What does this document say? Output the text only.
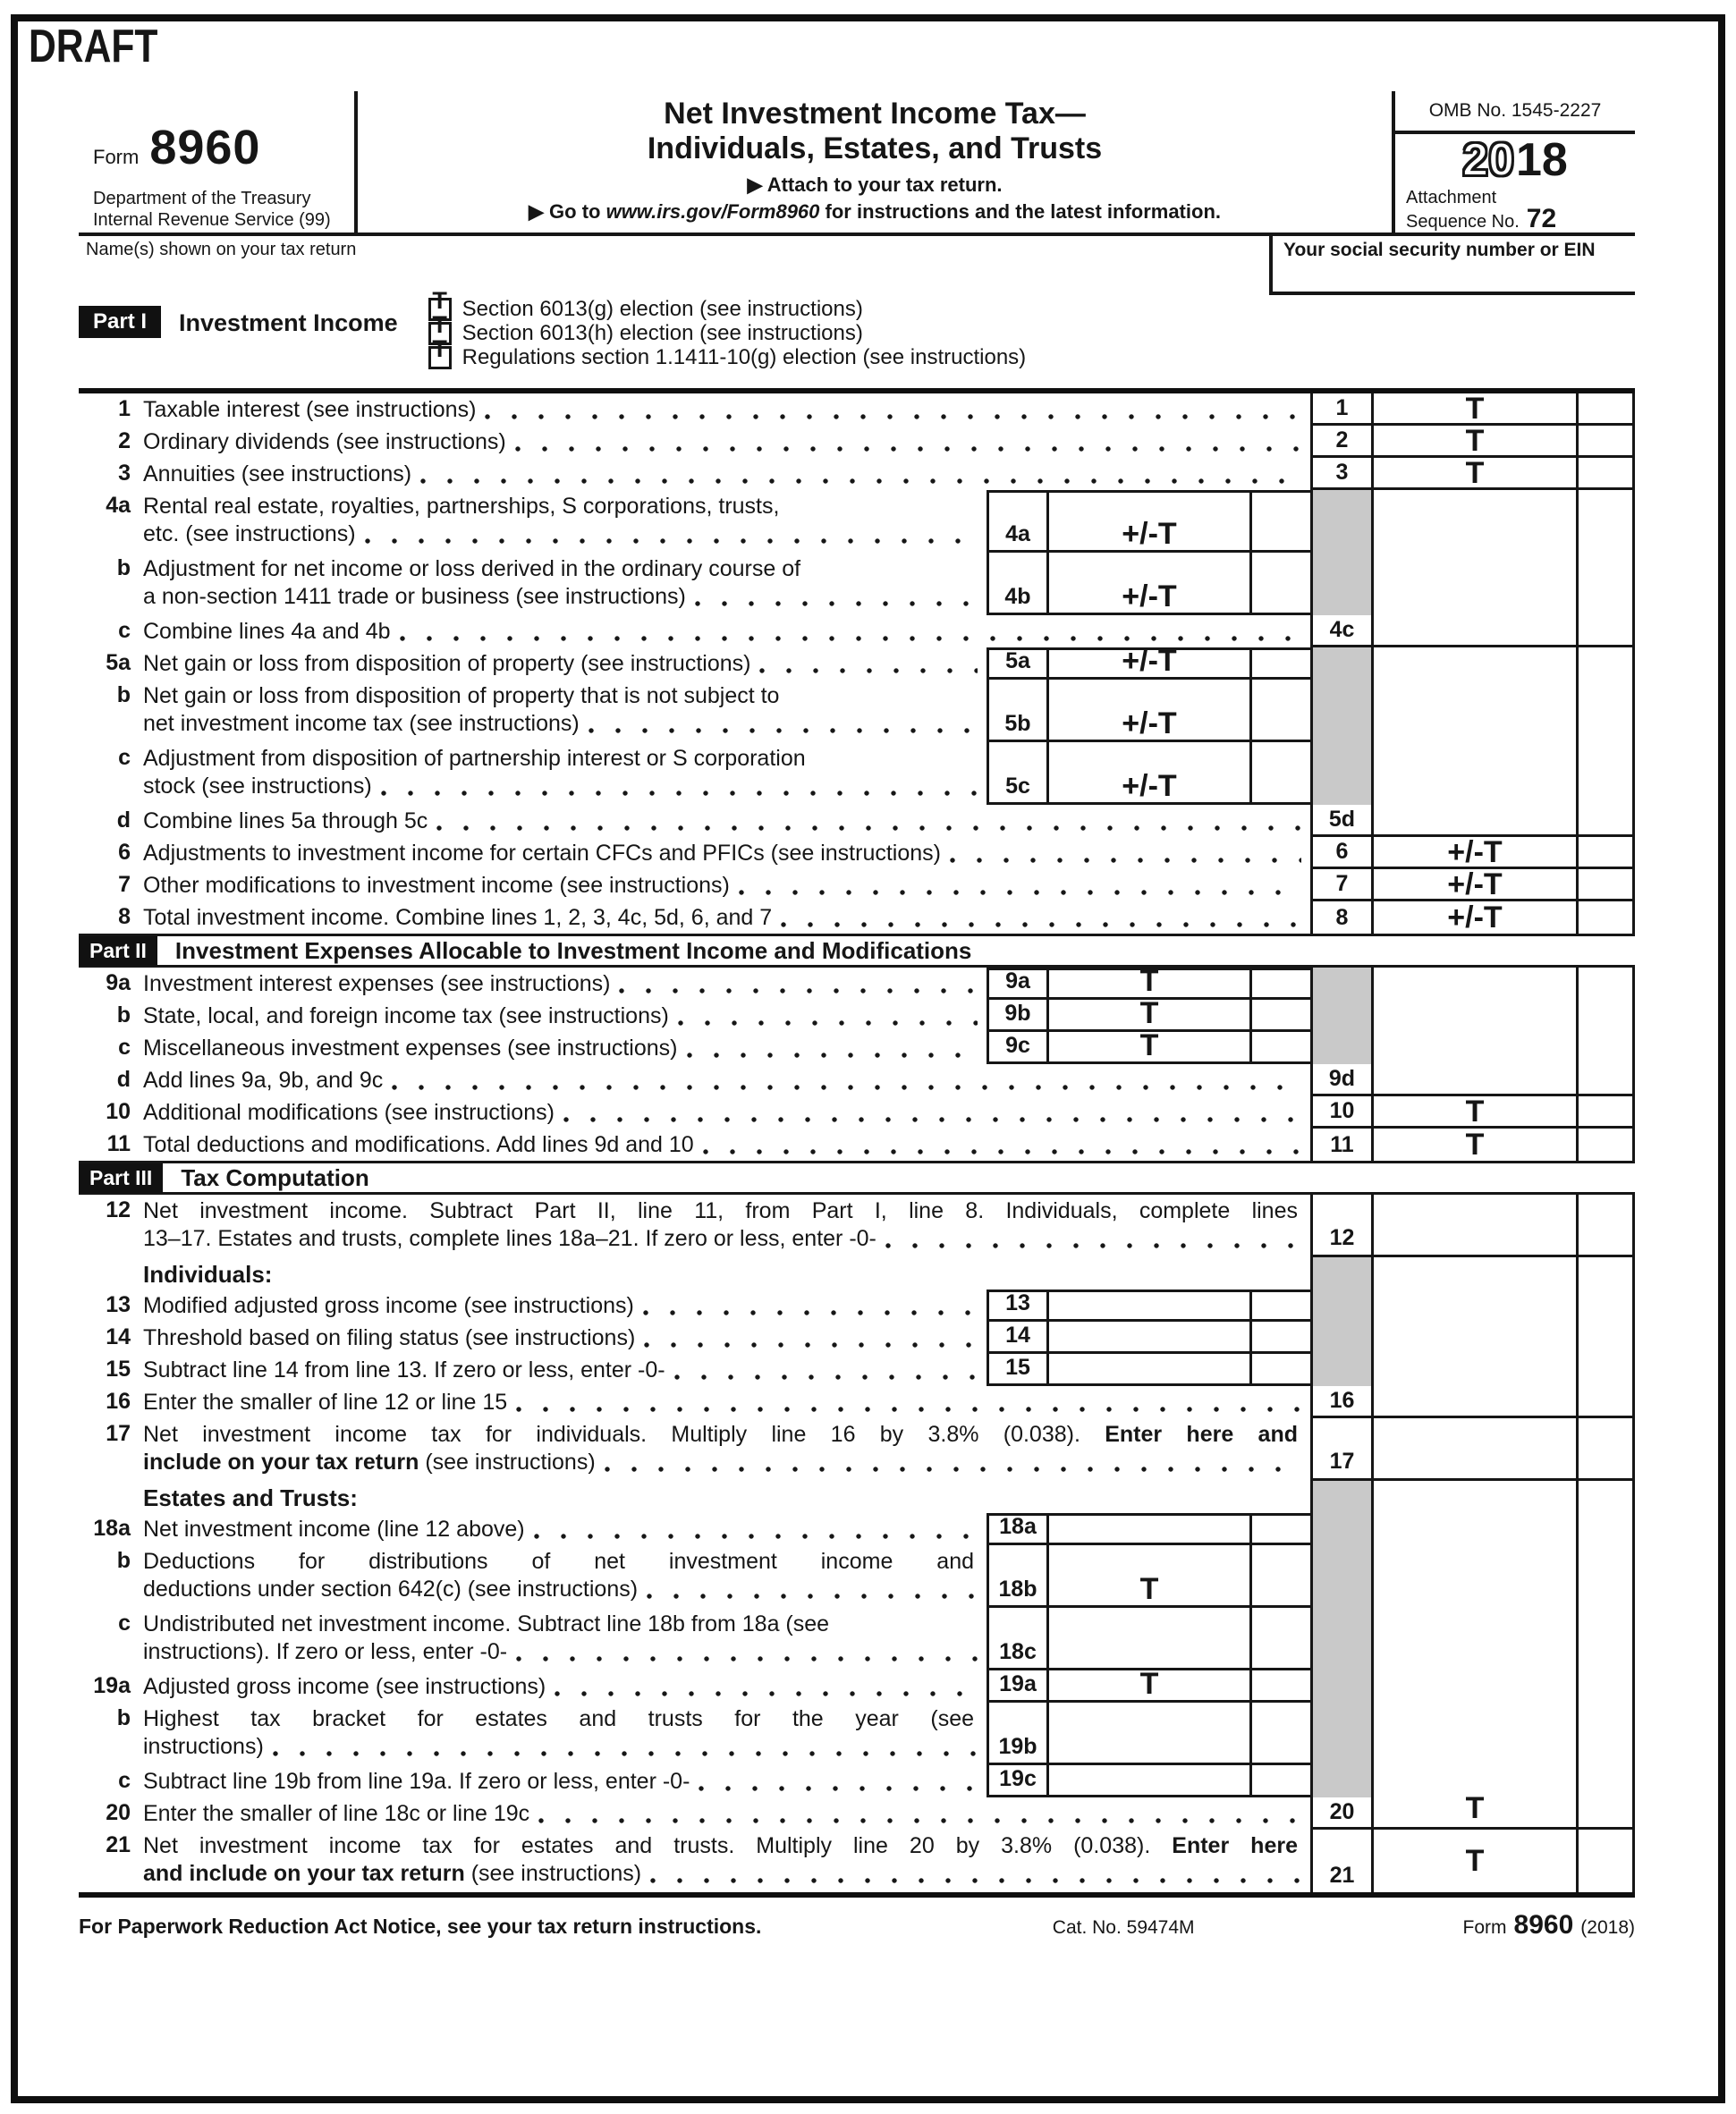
DRAFT
Form 8960
Department of the Treasury
Internal Revenue Service (99)
Net Investment Income Tax—
Individuals, Estates, and Trusts
▶ Attach to your tax return.
▶ Go to www.irs.gov/Form8960 for instructions and the latest information.
OMB No. 1545-2227
20 18
Attachment
Sequence No. 72
Name(s) shown on your tax return	Your social security number or EIN
Part I	Investment Income
T Section 6013(g) election (see instructions)
T Section 6013(h) election (see instructions)
T Regulations section 1.1411-10(g) election (see instructions)
1 Taxable interest (see instructions)	1	T
2 Ordinary dividends (see instructions)	2	T
3 Annuities (see instructions)	3	T
4a Rental real estate, royalties, partnerships, S corporations, trusts,
etc. (see instructions)	4a	+/-T
b Adjustment for net income or loss derived in the ordinary course of
a non-section 1411 trade or business (see instructions)	4b	+/-T
c Combine lines 4a and 4b	4c
5a Net gain or loss from disposition of property (see instructions)	5a	+/-T
b Net gain or loss from disposition of property that is not subject to
net investment income tax (see instructions)	5b	+/-T
c Adjustment from disposition of partnership interest or S corporation
stock (see instructions)	5c	+/-T
d Combine lines 5a through 5c	5d
6 Adjustments to investment income for certain CFCs and PFICs (see instructions)	6	+/-T
7 Other modifications to investment income (see instructions)	7	+/-T
8 Total investment income. Combine lines 1, 2, 3, 4c, 5d, 6, and 7	8	+/-T
Part II	Investment Expenses Allocable to Investment Income and Modifications
9a Investment interest expenses (see instructions)	9a	T
b State, local, and foreign income tax (see instructions)	9b	T
c Miscellaneous investment expenses (see instructions)	9c	T
d Add lines 9a, 9b, and 9c	9d
10 Additional modifications (see instructions)	10	T
11 Total deductions and modifications. Add lines 9d and 10	11	T
Part III	Tax Computation
12 Net investment income. Subtract Part II, line 11, from Part I, line 8. Individuals, complete lines
13–17. Estates and trusts, complete lines 18a–21. If zero or less, enter -0-	12
Individuals:
13 Modified adjusted gross income (see instructions)	13
14 Threshold based on filing status (see instructions)	14
15 Subtract line 14 from line 13. If zero or less, enter -0-	15
16 Enter the smaller of line 12 or line 15	16
17 Net investment income tax for individuals. Multiply line 16 by 3.8% (0.038). Enter here and
include on your tax return (see instructions)	17
Estates and Trusts:
18a Net investment income (line 12 above)	18a
b Deductions for distributions of net investment income and
deductions under section 642(c) (see instructions)	18b	T
c Undistributed net investment income. Subtract line 18b from 18a (see
instructions). If zero or less, enter -0-	18c
19a Adjusted gross income (see instructions)	19a	T
b Highest tax bracket for estates and trusts for the year (see
instructions)	19b
c Subtract line 19b from line 19a. If zero or less, enter -0-	19c
20 Enter the smaller of line 18c or line 19c	20	T
21 Net investment income tax for estates and trusts. Multiply line 20 by 3.8% (0.038). Enter here
and include on your tax return (see instructions)	21	T
For Paperwork Reduction Act Notice, see your tax return instructions.	Cat. No. 59474M	Form 8960 (2018)
